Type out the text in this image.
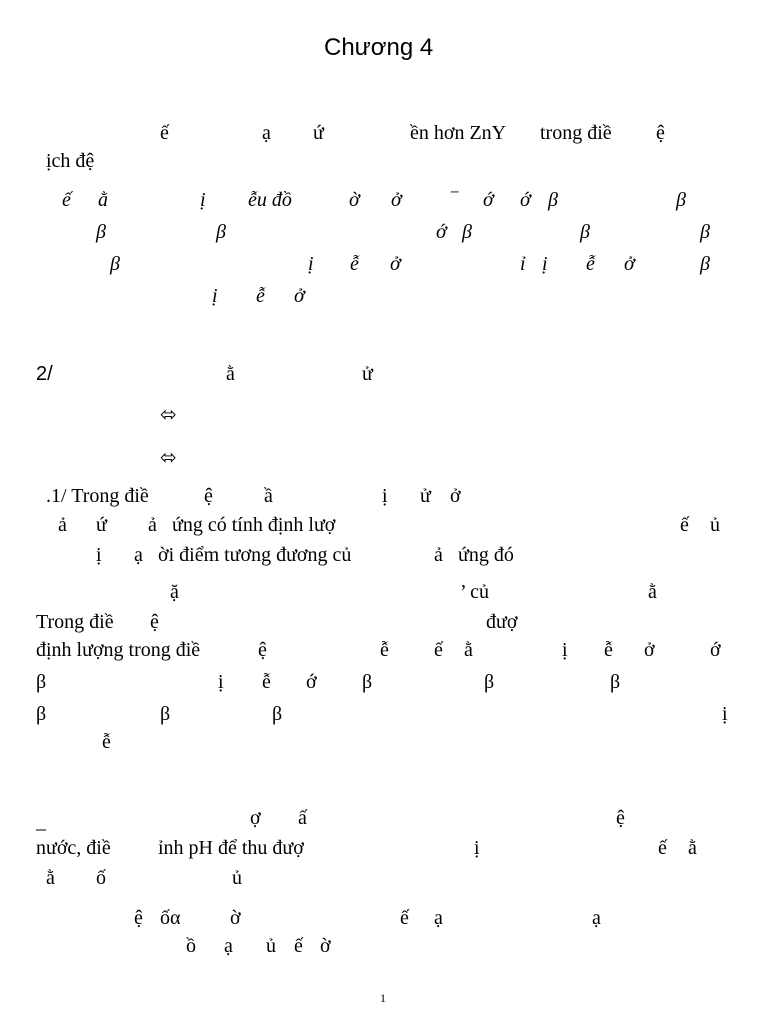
Chương 4
ế	ạ ứ	ền hơn ZnY trong điề ệ
ịch đệ
ế ằ	ị ễu đồ	ờ ở ⁻ ớ ớ β	β
β	β	ớ β	β	β
β	ị ễ ở	ỉ ị ễ ở	β
ị ễ ở
2/	ằ	ử
⬄
⬄
.1/ Trong điề	ệ	ầ	ị ử ở
ả ứ ả ứng có tính định lượ	ế ủ
ị ạ ời điểm tương đương củ	ả ứng đó
ặ	’ củ	ằ
Trong điề ệ	đượ
định lượng trong điề	ệ	ễ ế ằ	ị ễ ở	ớ
β	ị ễ ớ β	β	β
β	β	β	ị
ễ
_	ợ ấ	ệ
nước, điề ỉnh pH để thu đượ	ị	ế ằ
ằ ố	ủ
ệ ốα ờ	ế ạ	ạ
ồ ạ ủ ế ờ
1
